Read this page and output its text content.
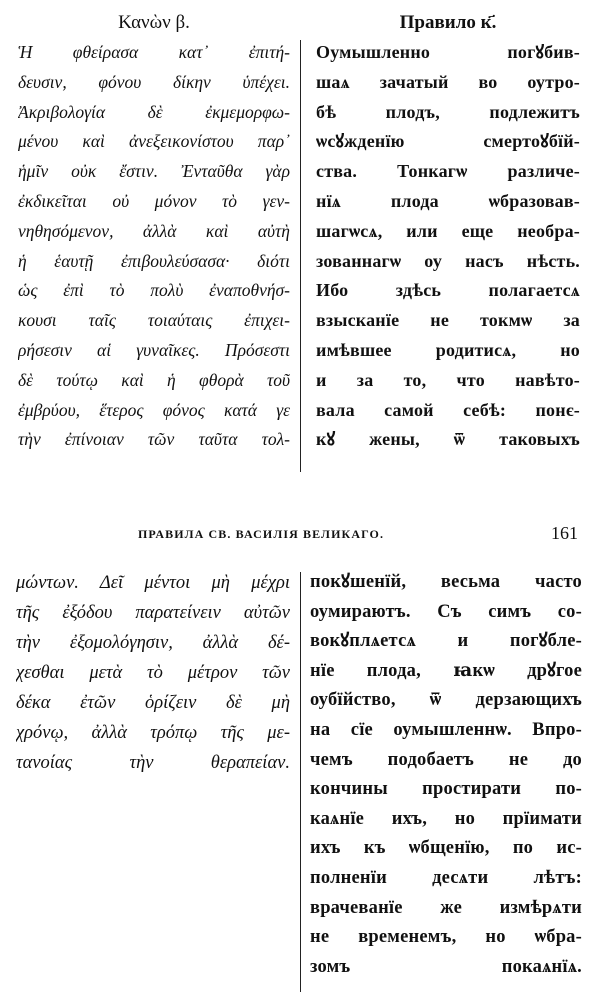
Κανὼν β.
Ἡ φθείρασα κατ᾽ ἐπιτή-
δευσιν, φόνου δίκην ὑπέχει.
Ἀκριβολογία δὲ ἐκμεμορφω-
μένου καὶ ἀνεξεικονίστου παρ᾽
ἡμῖν οὐκ ἔστιν. Ἐνταῦθα γὰρ
ἐκδικεῖται οὐ μόνον τὸ γεν-
νηθησόμενον, ἀλλὰ καὶ αὐτὴ
ἡ ἑαυτῇ ἐπιβουλεύσασα· διότι
ὡς ἐπὶ τὸ πολὺ ἐναποθνήσ-
κουσι ταῖς τοιαύταις ἐπιχει-
ρήσεσιν αἱ γυναῖκες. Πρόσεστι
δὲ τούτῳ καὶ ἡ φθορὰ τοῦ
ἐμβρύου, ἕτερος φόνος κατά γε
τὴν ἐπίνοιαν τῶν ταῦτα τολ-
Правило к҃.
Оумышленно погꙋбив-
шаѧ зачатый во оутро-
бѣ плодъ, подлежитъ
ѡсꙋжденїю смертоꙋбїй-
ства. Тонкагѡ различе-
нїѧ плода ѡбразовав-
шагѡсѧ, или еще необра-
зованнагѡ оу насъ нѣсть.
Ибо здѣсь полагаетсѧ
взысканїе не токмѡ за
имѣвшее родитисѧ, но
и за то, что навѣто-
вала самой себѣ: понє-
кꙋ жены, ѿ таковыхъ
ПРАВИЛА СВ. ВАСИЛІЯ ВЕЛИКАГО.	161
μώντων. Δεῖ μέντοι μὴ μέχρι
τῆς ἐξόδου παρατείνειν αὐτῶν
τὴν ἐξομολόγησιν, ἀλλὰ δέ-
χεσθαι μετὰ τὸ μέτρον τῶν
δέκα ἐτῶν ὁρίζειν δὲ μὴ
χρόνῳ, ἀλλὰ τρόπῳ τῆς με-
τανοίας τὴν θεραπείαν.
покꙋшенїй, весьма часто
оумираютъ. Съ симъ со-
вокꙋплѧетсѧ и погꙋбле-
нїе плода, ꙗкѡ дрꙋгое
оубїйство, ѿ дерзающихъ
на сїе оумышленнѡ. Впро-
чемъ подобаетъ не до
кончины простирати по-
каѧнїе ихъ, но прїимати
ихъ къ ѡбщенїю, по ис-
полненїи десѧти лѣтъ:
врачеванїе же измѣрѧти
не временемъ, но ѡбра-
зомъ покаѧнїѧ.
